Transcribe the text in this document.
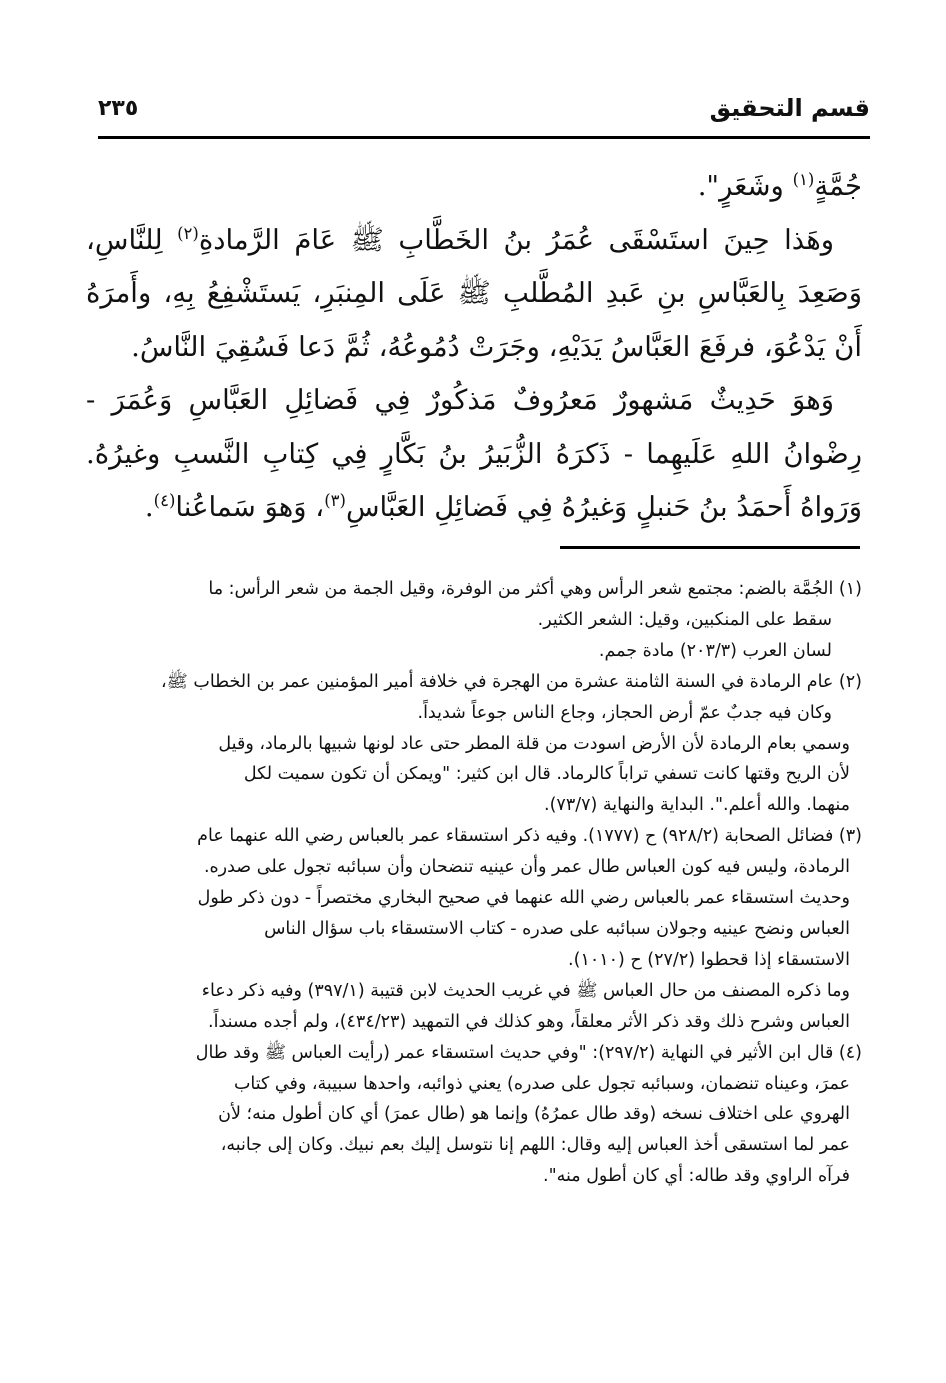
٢٣٥	قسم التحقيق

جُمَّةٍ$^{(١)}$ وشَعَرٍ".

وهَذا حِينَ استَسْقَى عُمَرُ بنُ الخَطَّابِ ﷺ عَامَ الرَّمادةِ$^{(٢)}$ لِلنَّاسِ، وَصَعِدَ بِالعَبَّاسِ بنِ عَبدِ المُطَّلبِ ﷺ عَلَى المِنبَرِ، يَستَشْفِعُ بِهِ، وأَمرَهُ أَنْ يَدْعُوَ، فرفَعَ العَبَّاسُ يَدَيْهِ، وجَرَتْ دُمُوعُهُ، ثُمَّ دَعا فَسُقِيَ النَّاسُ.

وَهوَ حَدِيثٌ مَشهورٌ مَعرُوفٌ مَذكُورٌ فِي فَضائِلِ العَبَّاسِ وَعُمَرَ - رِضْوانُ اللهِ عَلَيهِما - ذَكرَهُ الزُّبَيرُ بنُ بَكَّارٍ فِي كِتابِ النَّسبِ وغيرُهُ. وَرَواهُ أَحمَدُ بنُ حَنبلٍ وَغيرُهُ فِي فَضائِلِ العَبَّاسِ$^{(٣)}$، وَهوَ سَماعُنا$^{(٤)}$.

(١) الجُمَّة بالضم: مجتمع شعر الرأس وهي أكثر من الوفرة، وقيل الجمة من شعر الرأس: ما

سقط على المنكبين، وقيل: الشعر الكثير.

لسان العرب (٢٠٣/٣) مادة جمم.

(٢) عام الرمادة في السنة الثامنة عشرة من الهجرة في خلافة أمير المؤمنين عمر بن الخطاب ﷺ،

وكان فيه جدبٌ عمّ أرض الحجاز، وجاع الناس جوعاً شديداً.

وسمي بعام الرمادة لأن الأرض اسودت من قلة المطر حتى عاد لونها شبيها بالرماد، وقيل

لأن الريح وقتها كانت تسفي تراباً كالرماد. قال ابن كثير: "ويمكن أن تكون سميت لكل

منهما. والله أعلم.". البداية والنهاية (٧٣/٧).

(٣) فضائل الصحابة (٩٢٨/٢) ح (١٧٧٧). وفيه ذكر استسقاء عمر بالعباس رضي الله عنهما عام

الرمادة، وليس فيه كون العباس طال عمر وأن عينيه تنضحان وأن سبائبه تجول على صدره.

وحديث استسقاء عمر بالعباس رضي الله عنهما في صحيح البخاري مختصراً - دون ذكر طول

العباس ونضح عينيه وجولان سبائبه على صدره - كتاب الاستسقاء باب سؤال الناس

الاستسقاء إذا قحطوا (٢٧/٢) ح (١٠١٠).

وما ذكره المصنف من حال العباس ﷺ في غريب الحديث لابن قتيبة (٣٩٧/١) وفيه ذكر دعاء

العباس وشرح ذلك وقد ذكر الأثر معلقاً، وهو كذلك في التمهيد (٤٣٤/٢٣)، ولم أجده مسنداً.

(٤) قال ابن الأثير في النهاية (٢٩٧/٢): "وفي حديث استسقاء عمر (رأيت العباس ﷺ وقد طال

عمرَ، وعيناه تنضمان، وسبائبه تجول على صدره) يعني ذوائبه، واحدها سبيبة، وفي كتاب

الهروي على اختلاف نسخه (وقد طال عمرُهُ) وإنما هو (طال عمرَ) أي كان أطول منه؛ لأن

عمر لما استسقى أخذ العباس إليه وقال: اللهم إنا نتوسل إليك بعم نبيك. وكان إلى جانبه،

فرآه الراوي وقد طاله: أي كان أطول منه".
